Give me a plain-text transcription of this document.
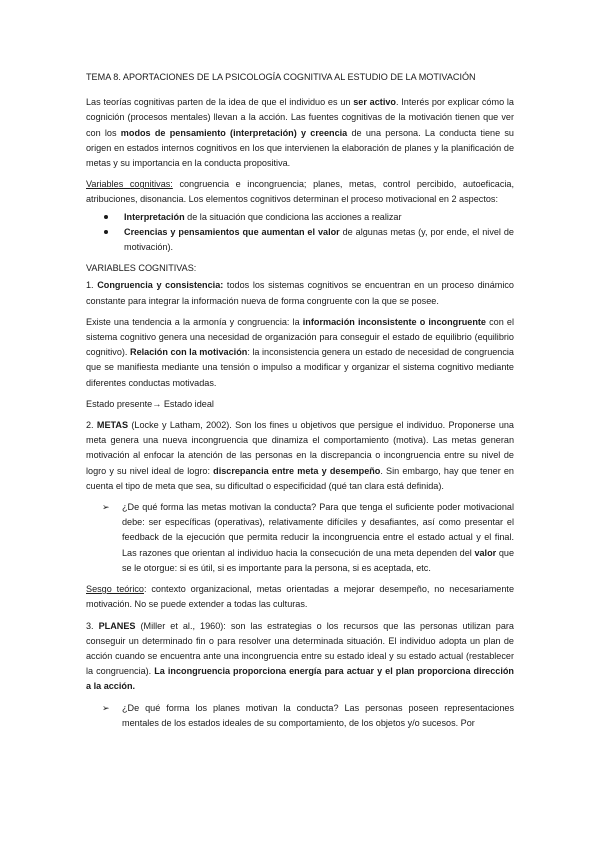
TEMA 8. APORTACIONES DE LA PSICOLOGÍA COGNITIVA AL ESTUDIO DE LA MOTIVACIÓN

Las teorías cognitivas parten de la idea de que el individuo es un ser activo. Interés por explicar cómo la cognición (procesos mentales) llevan a la acción. Las fuentes cognitivas de la motivación tienen que ver con los modos de pensamiento (interpretación) y creencia de una persona. La conducta tiene su origen en estados internos cognitivos en los que intervienen la elaboración de planes y la planificación de metas y su importancia en la conducta propositiva.

Variables cognitivas: congruencia e incongruencia; planes, metas, control percibido, autoeficacia, atribuciones, disonancia. Los elementos cognitivos determinan el proceso motivacional en 2 aspectos:

Interpretación de la situación que condiciona las acciones a realizar
Creencias y pensamientos que aumentan el valor de algunas metas (y, por ende, el nivel de motivación).

VARIABLES COGNITIVAS:

1. Congruencia y consistencia: todos los sistemas cognitivos se encuentran en un proceso dinámico constante para integrar la información nueva de forma congruente con la que se posee.

Existe una tendencia a la armonía y congruencia: la información inconsistente o incongruente con el sistema cognitivo genera una necesidad de organización para conseguir el estado de equilibrio (equilibrio cognitivo). Relación con la motivación: la inconsistencia genera un estado de necesidad de congruencia que se manifiesta mediante una tensión o impulso a modificar y organizar el sistema cognitivo mediante diferentes conductas motivadas.

Estado presente→ Estado ideal

2. METAS (Locke y Latham, 2002). Son los fines u objetivos que persigue el individuo. Proponerse una meta genera una nueva incongruencia que dinamiza el comportamiento (motiva). Las metas generan motivación al enfocar la atención de las personas en la discrepancia o incongruencia entre su nivel de logro y su nivel ideal de logro: discrepancia entre meta y desempeño. Sin embargo, hay que tener en cuenta el tipo de meta que sea, su dificultad o especificidad (qué tan clara está definida).

➢ ¿De qué forma las metas motivan la conducta? Para que tenga el suficiente poder motivacional debe: ser específicas (operativas), relativamente difíciles y desafiantes, así como presentar el feedback de la ejecución que permita reducir la incongruencia entre el estado actual y el final. Las razones que orientan al individuo hacia la consecución de una meta dependen del valor que se le otorgue: si es útil, si es importante para la persona, si es aceptada, etc.

Sesgo teórico: contexto organizacional, metas orientadas a mejorar desempeño, no necesariamente motivación. No se puede extender a todas las culturas.

3. PLANES (Miller et al., 1960): son las estrategias o los recursos que las personas utilizan para conseguir un determinado fin o para resolver una determinada situación. El individuo adopta un plan de acción cuando se encuentra ante una incongruencia entre su estado ideal y su estado actual (restablecer la congruencia). La incongruencia proporciona energía para actuar y el plan proporciona dirección a la acción.

➢ ¿De qué forma los planes motivan la conducta? Las personas poseen representaciones mentales de los estados ideales de su comportamiento, de los objetos y/o sucesos. Por
